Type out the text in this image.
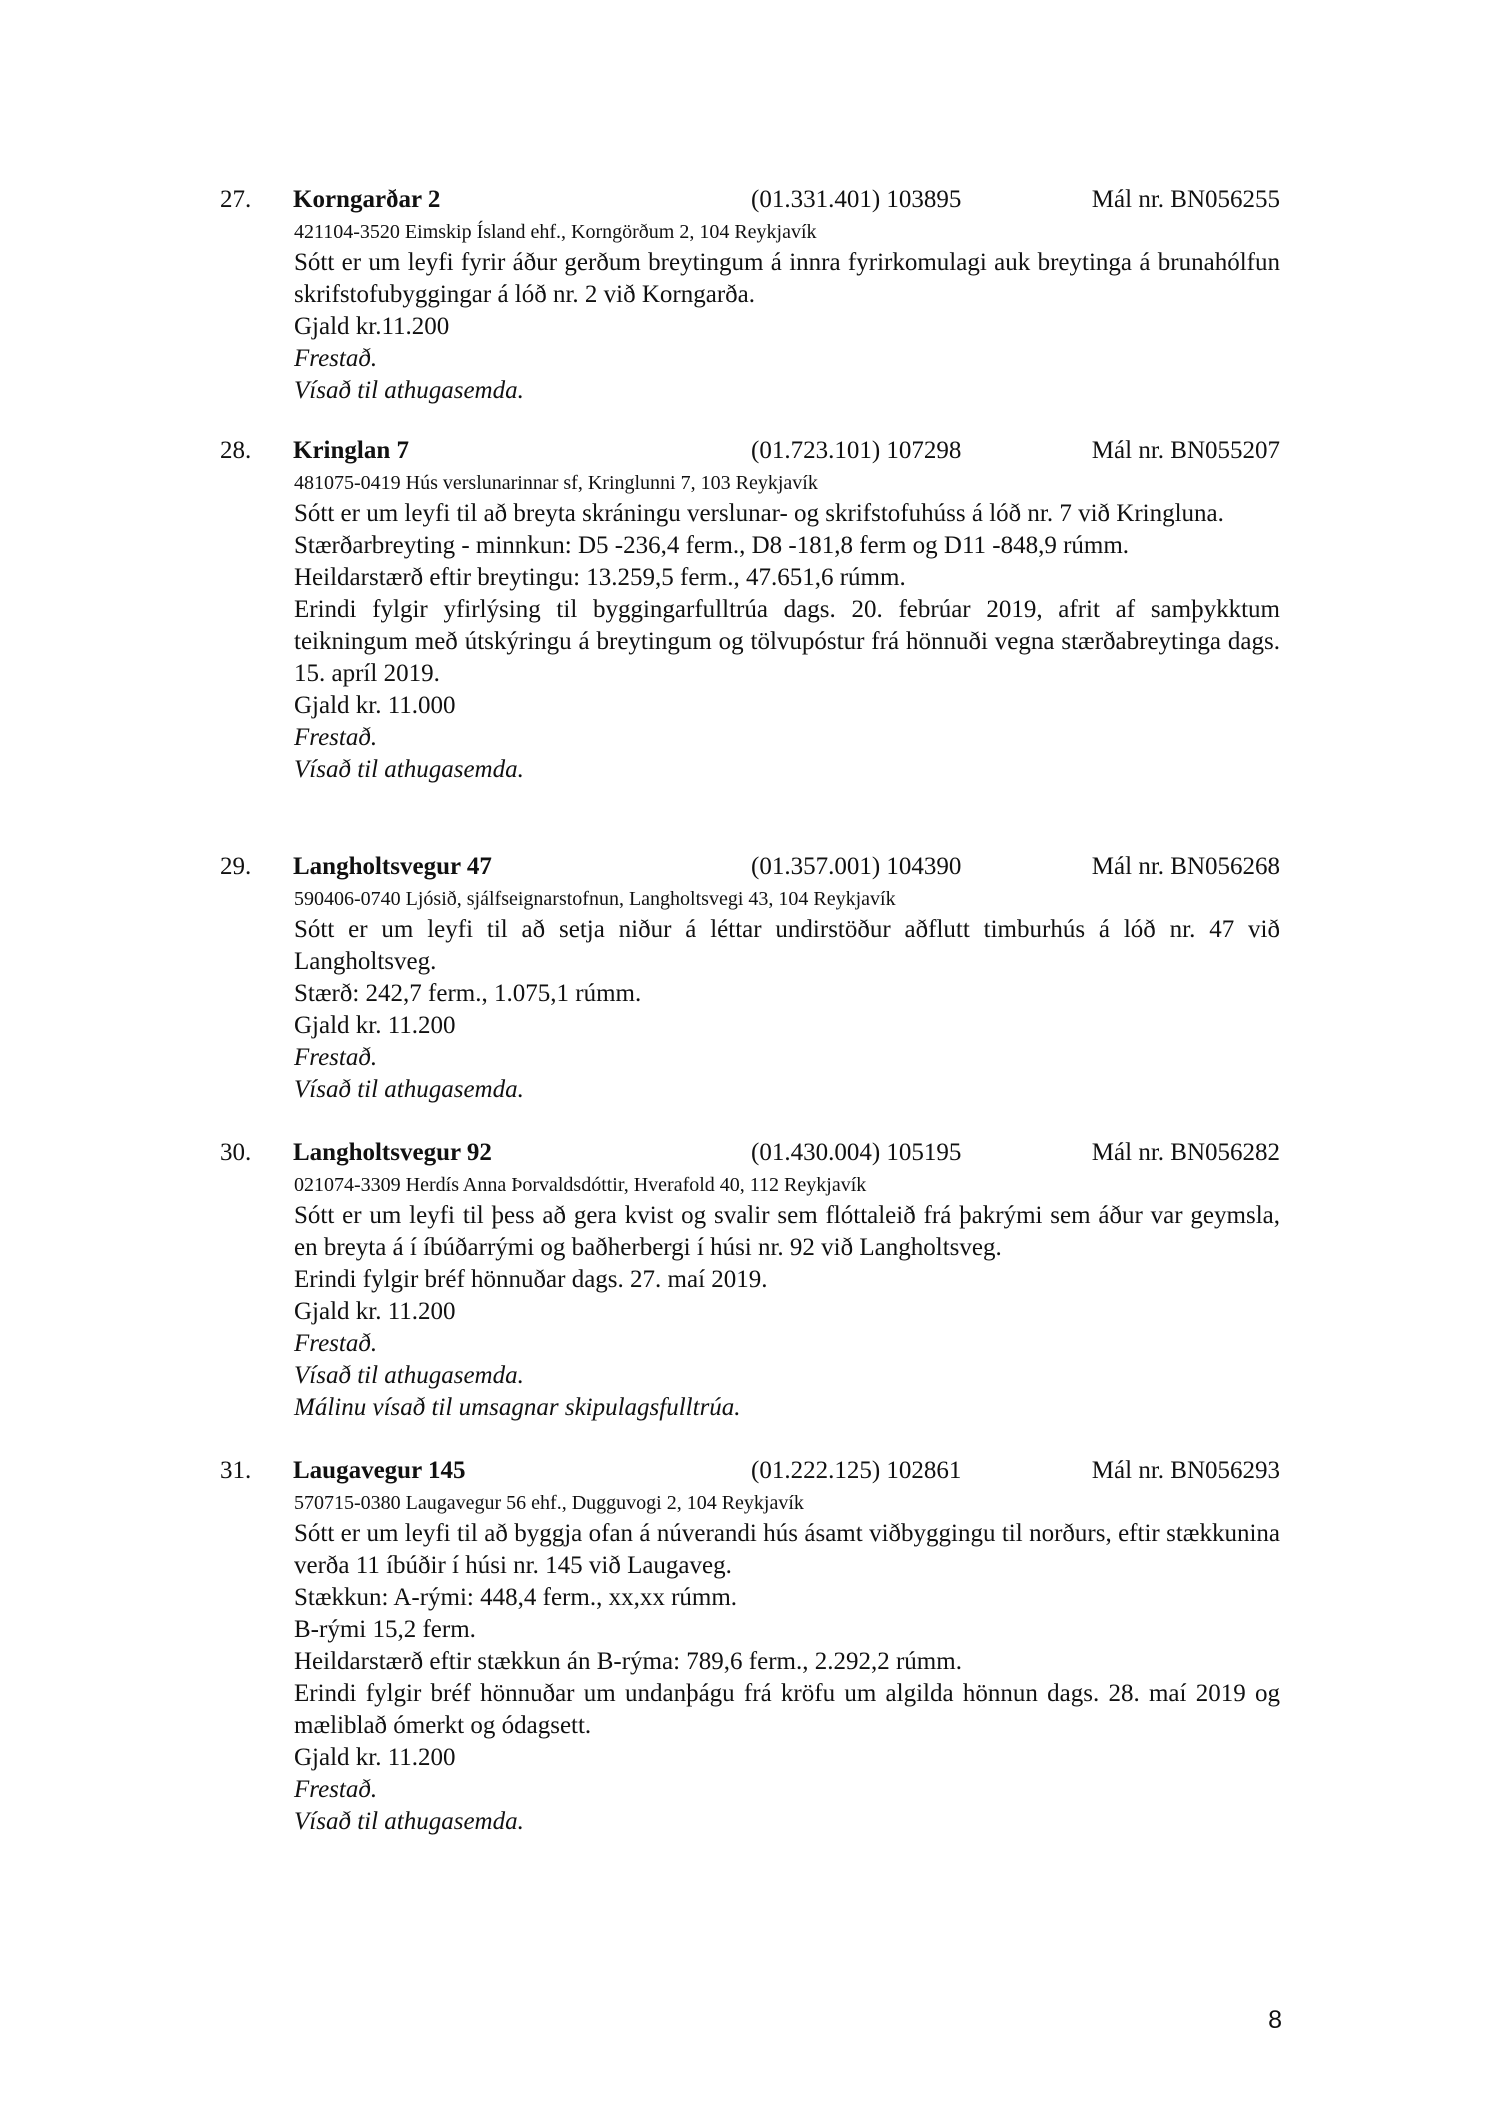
27. Korngarðar 2	(01.331.401) 103895	Mál nr. BN056255
421104-3520 Eimskip Ísland ehf., Korngörðum 2, 104 Reykjavík

Sótt er um leyfi fyrir áður gerðum breytingum á innra fyrirkomulagi auk breytinga á brunahólfun skrifstofubyggingar á lóð nr. 2 við Korngarða.

Gjald kr.11.200
Frestað.
Vísað til athugasemda.
28. Kringlan 7	(01.723.101) 107298	Mál nr. BN055207
481075-0419 Hús verslunarinnar sf, Kringlunni 7, 103 Reykjavík

Sótt er um leyfi til að breyta skráningu verslunar- og skrifstofuhúss á lóð nr. 7 við Kringluna.

Stærðarbreyting - minnkun: D5 -236,4 ferm., D8 -181,8 ferm og D11 -848,9 rúmm.
Heildarstærð eftir breytingu: 13.259,5 ferm., 47.651,6 rúmm.

Erindi fylgir yfirlýsing til byggingarfulltrúa dags. 20. febrúar 2019, afrit af samþykktum teikningum með útskýringu á breytingum og tölvupóstur frá hönnuði vegna stærðabreytinga dags. 15. apríl 2019.

Gjald kr. 11.000
Frestað.
Vísað til athugasemda.
29. Langholtsvegur 47	(01.357.001) 104390	Mál nr. BN056268
590406-0740 Ljósið, sjálfseignarstofnun, Langholtsvegi 43, 104 Reykjavík

Sótt er um leyfi til að setja niður á léttar undirstöður aðflutt timburhús á lóð nr. 47 við Langholtsveg.

Stærð: 242,7 ferm., 1.075,1 rúmm.
Gjald kr. 11.200
Frestað.
Vísað til athugasemda.
30. Langholtsvegur 92	(01.430.004) 105195	Mál nr. BN056282
021074-3309 Herdís Anna Þorvaldsdóttir, Hverafold 40, 112 Reykjavík

Sótt er um leyfi til þess að gera kvist og svalir sem flóttaleið frá þakrými sem áður var geymsla, en breyta á í íbúðarrými og baðherbergi í húsi nr. 92 við Langholtsveg.

Erindi fylgir bréf hönnuðar dags. 27. maí 2019.
Gjald kr. 11.200
Frestað.
Vísað til athugasemda.
Málinu vísað til umsagnar skipulagsfulltrúa.
31. Laugavegur 145	(01.222.125) 102861	Mál nr. BN056293
570715-0380 Laugavegur 56 ehf., Dugguvogi 2, 104 Reykjavík

Sótt er um leyfi til að byggja ofan á núverandi hús ásamt viðbyggingu til norðurs, eftir stækkunina verða 11 íbúðir í húsi nr. 145 við Laugaveg.

Stækkun: A-rými: 448,4 ferm., xx,xx rúmm.
B-rými 15,2 ferm.
Heildarstærð eftir stækkun án B-rýma: 789,6 ferm., 2.292,2 rúmm.

Erindi fylgir bréf hönnuðar um undanþágu frá kröfu um algilda hönnun dags. 28. maí 2019 og mæliblað ómerkt og ódagsett.

Gjald kr. 11.200
Frestað.
Vísað til athugasemda.
8
